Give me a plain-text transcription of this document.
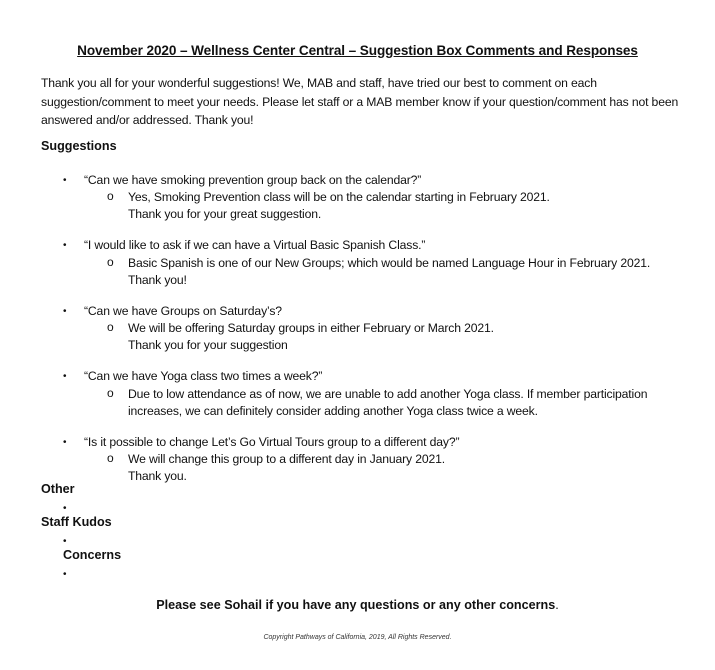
November 2020 – Wellness Center Central – Suggestion Box Comments and Responses
Thank you all for your wonderful suggestions! We, MAB and staff, have tried our best to comment on each suggestion/comment to meet your needs. Please let staff or a MAB member know if your question/comment has not been answered and/or addressed. Thank you!
Suggestions
• “Can we have smoking prevention group back on the calendar?”
o Yes, Smoking Prevention class will be on the calendar starting in February 2021.
Thank you for your great suggestion.
• “I would like to ask if we can have a Virtual Basic Spanish Class.”
o Basic Spanish is one of our New Groups; which would be named Language Hour in February 2021.
Thank you!
• “Can we have Groups on Saturday’s?
o We will be offering Saturday groups in either February or March 2021.
Thank you for your suggestion
• “Can we have Yoga class two times a week?”
o Due to low attendance as of now, we are unable to add another Yoga class. If member participation
increases, we can definitely consider adding another Yoga class twice a week.
• “Is it possible to change Let’s Go Virtual Tours group to a different day?”
o We will change this group to a different day in January 2021.
Thank you.
Other
•
Staff Kudos
•
Concerns
•
Please see Sohail if you have any questions or any other concerns.
Copyright Pathways of California, 2019, All Rights Reserved.
